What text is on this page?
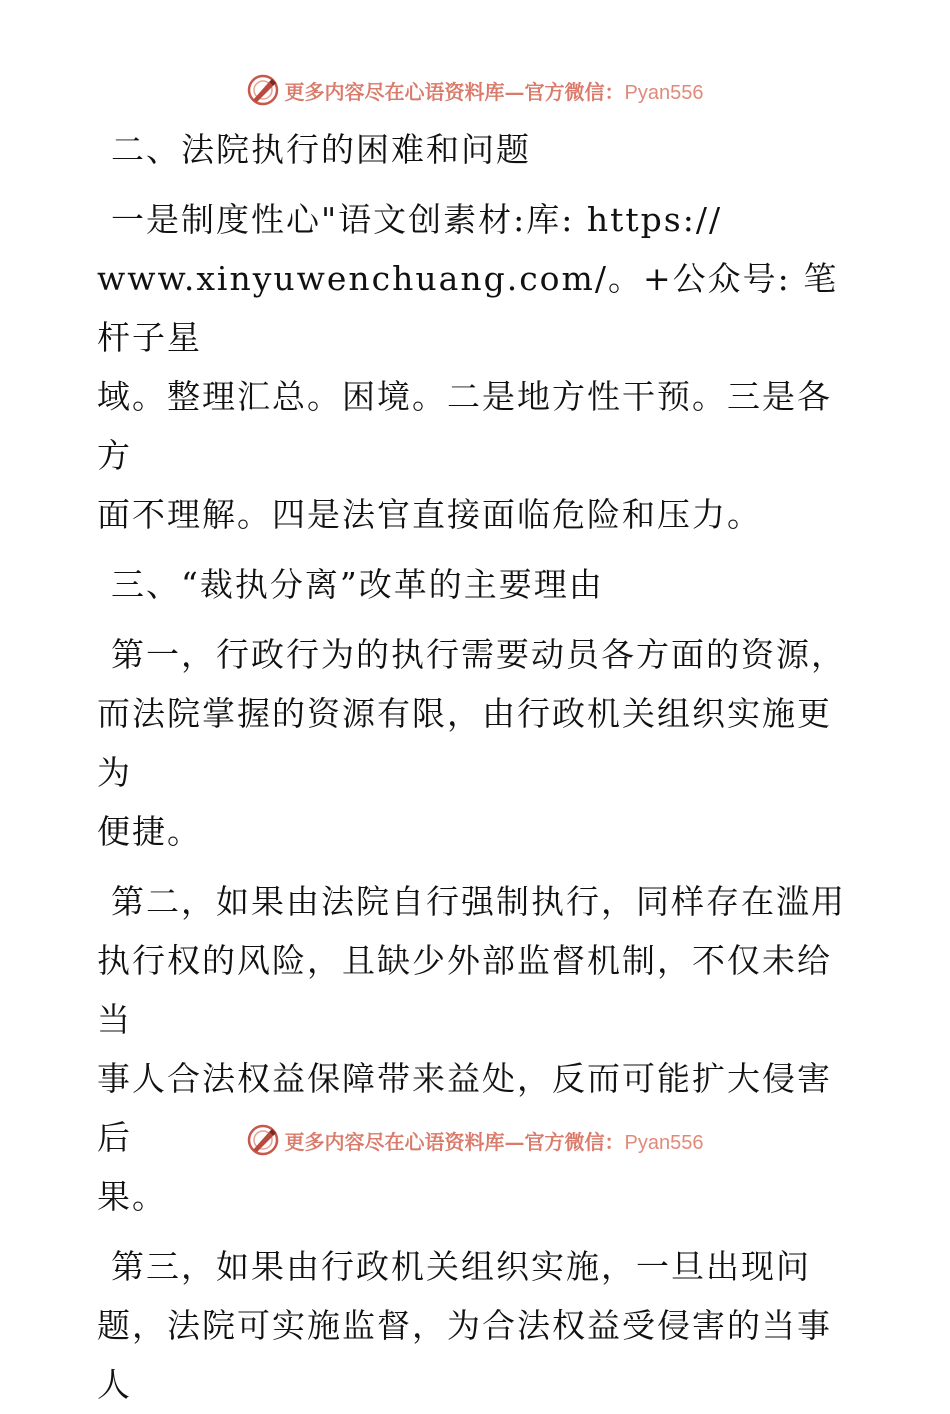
更多内容尽在心语资料库—官方微信：Pyan556

二、法院执行的困难和问题

一是制度性心"语文创素材:库: https://

www.xinyuwenchuang.com/。+公众号: 笔杆子星

域。整理汇总。困境。二是地方性干预。三是各方

面不理解。四是法官直接面临危险和压力。

三、“裁执分离”改革的主要理由

第一，行政行为的执行需要动员各方面的资源，

而法院掌握的资源有限，由行政机关组织实施更为

便捷。

第二，如果由法院自行强制执行，同样存在滥用

执行权的风险，且缺少外部监督机制，不仅未给当

事人合法权益保障带来益处，反而可能扩大侵害后

果。

第三，如果由行政机关组织实施，一旦出现问

题，法院可实施监督，为合法权益受侵害的当事人

更多内容尽在心语资料库—官方微信：Pyan556
